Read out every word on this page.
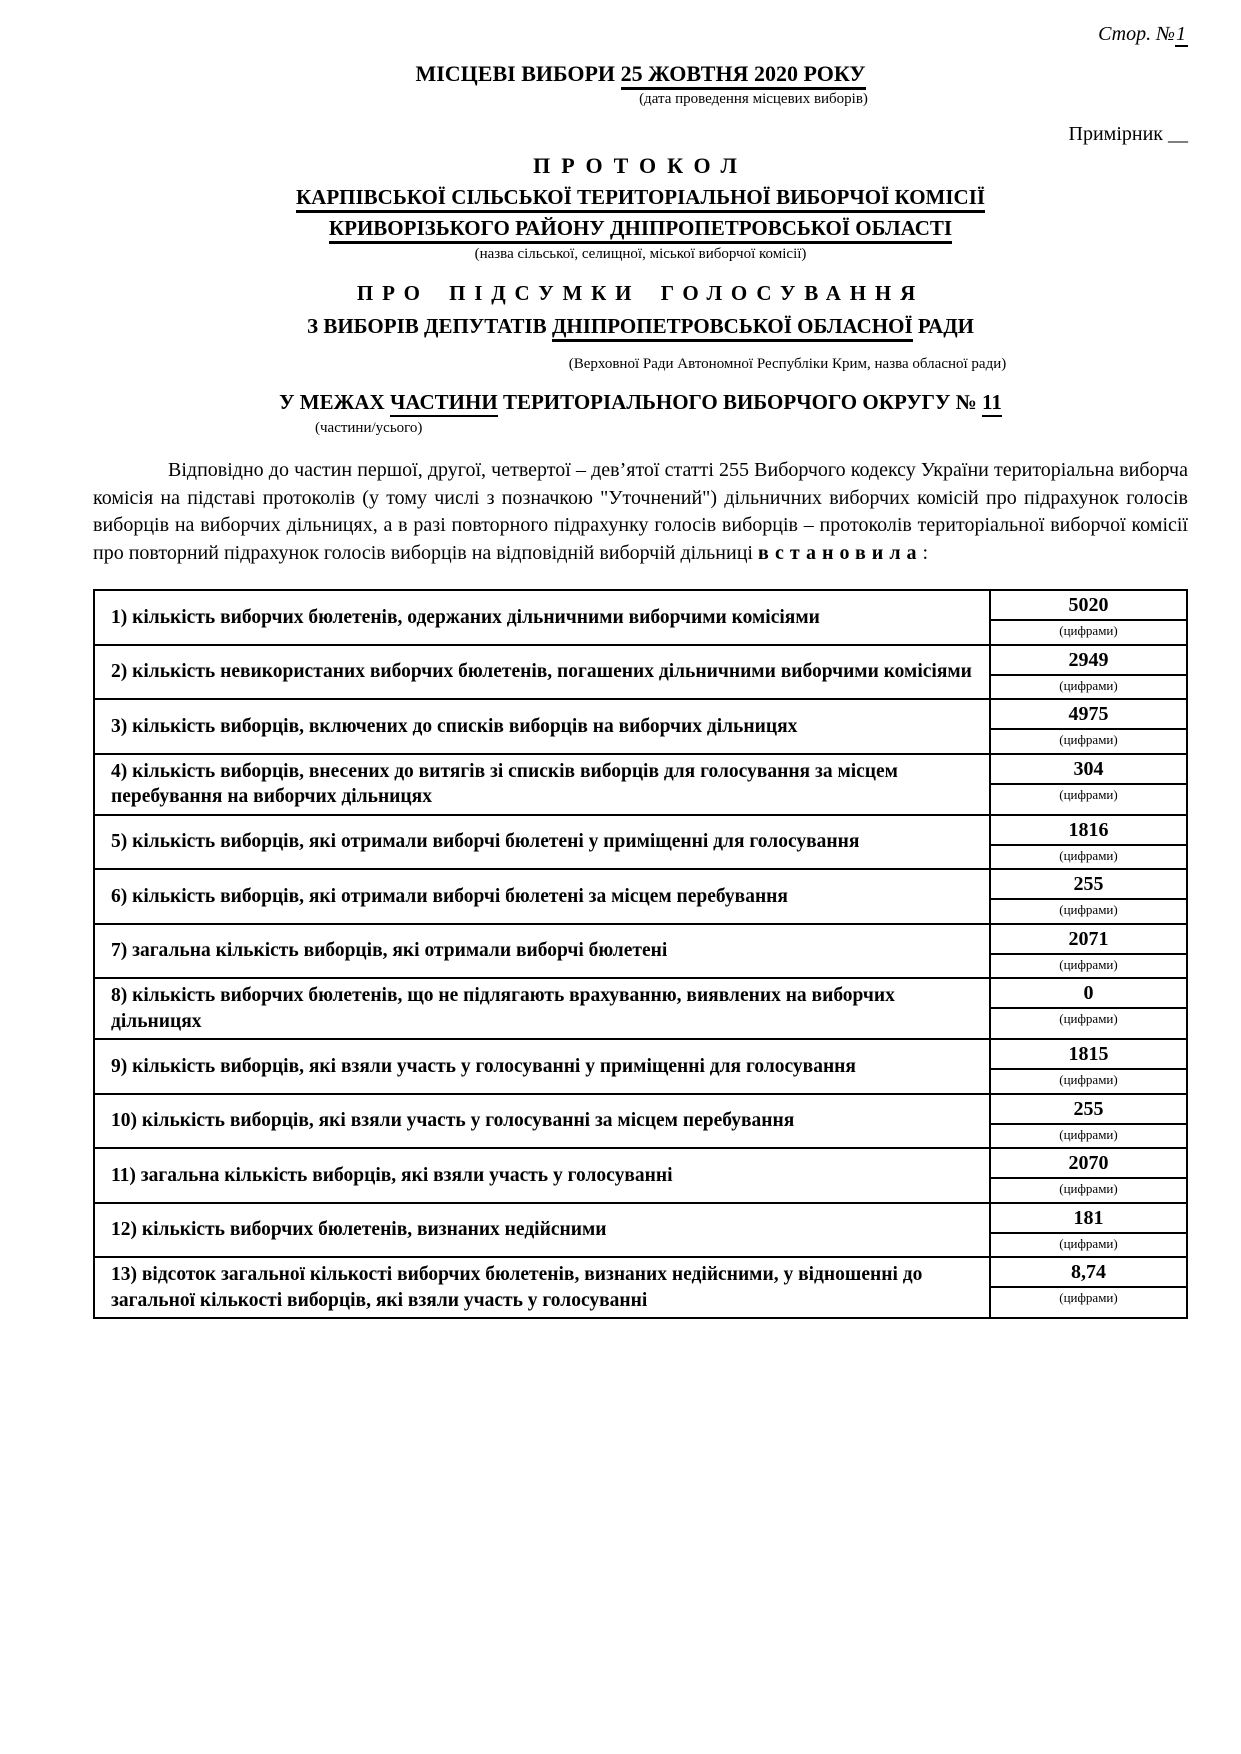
Стор. №1
МІСЦЕВІ ВИБОРИ 25 ЖОВТНЯ 2020 РОКУ
(дата проведення місцевих виборів)
Примірник __
ПРОТОКОЛ
КАРПІВСЬКОЇ СІЛЬСЬКОЇ ТЕРИТОРІАЛЬНОЇ ВИБОРЧОЇ КОМІСІЇ
КРИВОРІЗЬКОГО РАЙОНУ ДНІПРОПЕТРОВСЬКОЇ ОБЛАСТІ
(назва сільської, селищної, міської виборчої комісії)
ПРО ПІДСУМКИ ГОЛОСУВАННЯ
З ВИБОРІВ ДЕПУТАТІВ ДНІПРОПЕТРОВСЬКОЇ ОБЛАСНОЇ РАДИ
(Верховної Ради Автономної Республіки Крим, назва обласної ради)
У МЕЖАХ ЧАСТИНИ ТЕРИТОРІАЛЬНОГО ВИБОРЧОГО ОКРУГУ № 11
(частини/усього)
Відповідно до частин першої, другої, четвертої – дев’ятої статті 255 Виборчого кодексу України територіальна виборча комісія на підставі протоколів (у тому числі з позначкою "Уточнений") дільничних виборчих комісій про підрахунок голосів виборців на виборчих дільницях, а в разі повторного підрахунку голосів виборців – протоколів територіальної виборчої комісії про повторний підрахунок голосів виборців на відповідній виборчій дільниці встановила:
1) кількість виборчих бюлетенів, одержаних дільничними виборчими комісіями	5020
(цифрами)

2) кількість невикористаних виборчих бюлетенів, погашених дільничними виборчими комісіями	2949
(цифрами)

3) кількість виборців, включених до списків виборців на виборчих дільницях	4975
(цифрами)

4) кількість виборців, внесених до витягів зі списків виборців для голосування за місцем перебування на виборчих дільницях	304
(цифрами)

5) кількість виборців, які отримали виборчі бюлетені у приміщенні для голосування	1816
(цифрами)

6) кількість виборців, які отримали виборчі бюлетені за місцем перебування	255
(цифрами)

7) загальна кількість виборців, які отримали виборчі бюлетені	2071
(цифрами)

8) кількість виборчих бюлетенів, що не підлягають врахуванню, виявлених на виборчих дільницях	0
(цифрами)

9) кількість виборців, які взяли участь у голосуванні у приміщенні для голосування	1815
(цифрами)

10) кількість виборців, які взяли участь у голосуванні за місцем перебування	255
(цифрами)

11) загальна кількість виборців, які взяли участь у голосуванні	2070
(цифрами)

12) кількість виборчих бюлетенів, визнаних недійсними	181
(цифрами)

13) відсоток загальної кількості виборчих бюлетенів, визнаних недійсними, у відношенні до загальної кількості виборців, які взяли участь у голосуванні	8,74
(цифрами)
